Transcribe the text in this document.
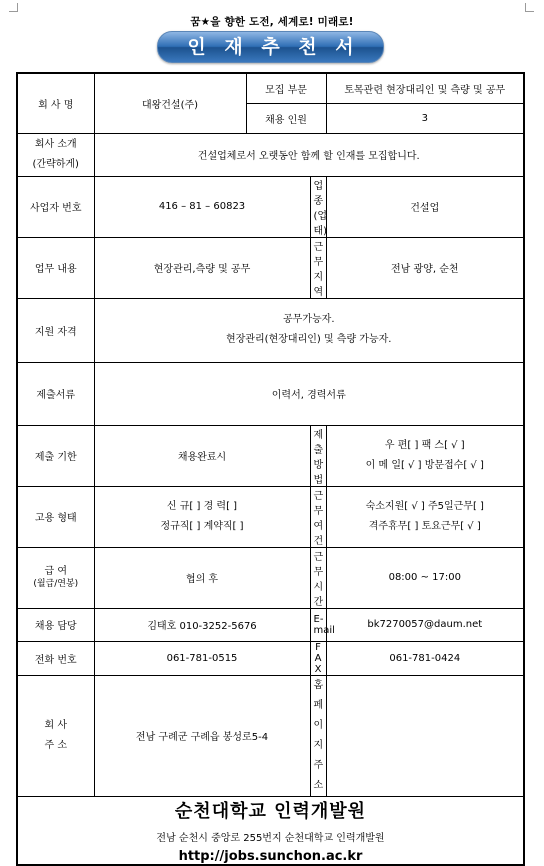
꿈★을 향한 도전, 세계로! 미래로!
인 재 추 천 서
회 사 명	대왕건설(주)	모집 부문		토목관련 현장대리인 및 측량 및 공무
		채용 인원		3

회사 소개
(간략하게)	건설업체로서 오랫동안 함께 할 인재를 모집합니다.			
사업자 번호	416 – 81 – 60823		업종(업태)	건설업
업무 내용	현장관리,측량 및 공무		근무지역	전남 광양, 순천
지원 자격	공무가능자.
현장관리(현장대리인) 및 측량 가능자.			

제출서류	이력서, 경력서류			
제출 기한	채용완료시		제출 방법	우 편[ ] 팩 스[ √ ]
이 메 일[ √ ] 방문접수[ √ ]

고용 형태	신 규[ ] 경 력[ ]
정규직[ ] 계약직[ ]		근무 여건	숙소지원[ √ ] 주5일근무[ ]
격주휴무[ ] 토요근무[ √ ]

급 여
(월급/연봉)	협의 후		근무 시간	08:00 ~ 17:00
채용 담당	김태호 010-3252-5676		E-mail	bk7270057@daum.net
전화 번호	061-781-0515		F A X	061-781-0424

회 사
주 소	전남 구례군 구례읍 봉성로5-4		홈페이지
주 소	

순천대학교 인력개발원
전남 순천시 중앙로 255번지 순천대학교 인력개발원
http://jobs.sunchon.ac.kr				
